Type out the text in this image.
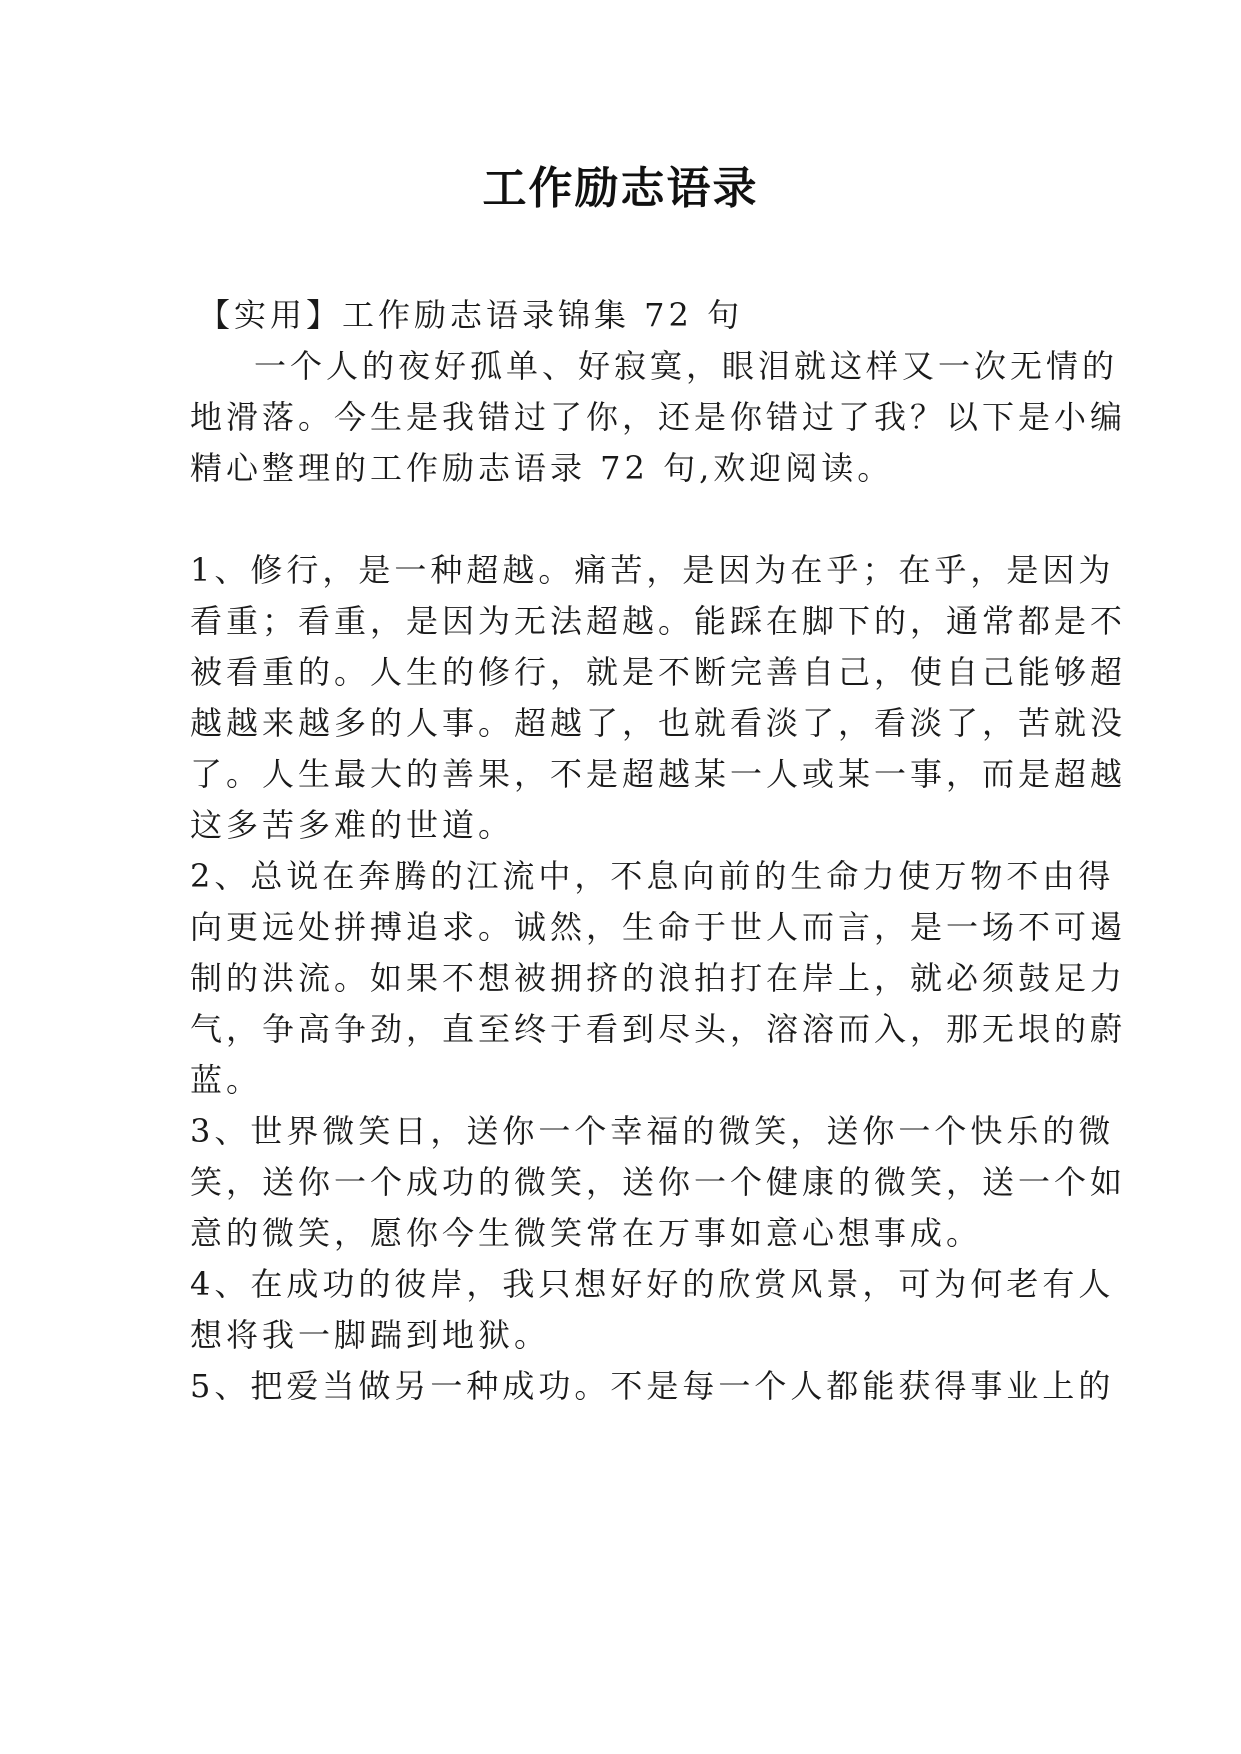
工作励志语录
【实用】工作励志语录锦集 72 句
一个人的夜好孤单、好寂寞，眼泪就这样又一次无情的
地滑落。今生是我错过了你，还是你错过了我？以下是小编
精心整理的工作励志语录 72 句,欢迎阅读。
1、修行，是一种超越。痛苦，是因为在乎；在乎，是因为
看重；看重，是因为无法超越。能踩在脚下的，通常都是不
被看重的。人生的修行，就是不断完善自己，使自己能够超
越越来越多的人事。超越了，也就看淡了，看淡了，苦就没
了。人生最大的善果，不是超越某一人或某一事，而是超越
这多苦多难的世道。
2、总说在奔腾的江流中，不息向前的生命力使万物不由得
向更远处拼搏追求。诚然，生命于世人而言，是一场不可遏
制的洪流。如果不想被拥挤的浪拍打在岸上，就必须鼓足力
气，争高争劲，直至终于看到尽头，溶溶而入，那无垠的蔚
蓝。
3、世界微笑日，送你一个幸福的微笑，送你一个快乐的微
笑，送你一个成功的微笑，送你一个健康的微笑，送一个如
意的微笑，愿你今生微笑常在万事如意心想事成。
4、在成功的彼岸，我只想好好的欣赏风景，可为何老有人
想将我一脚踹到地狱。
5、把爱当做另一种成功。不是每一个人都能获得事业上的
